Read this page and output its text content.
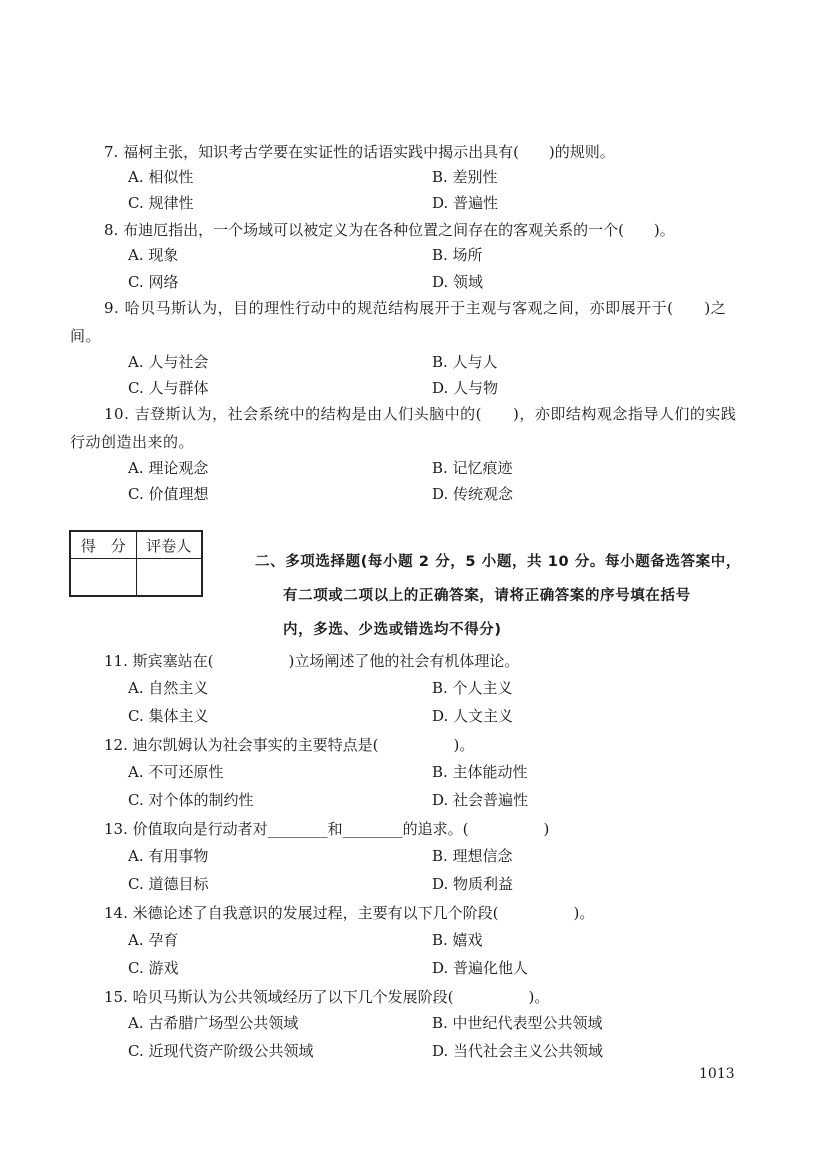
7. 福柯主张，知识考古学要在实证性的话语实践中揭示出具有(　　)的规则。
A. 相似性	B. 差别性
C. 规律性	D. 普遍性
8. 布迪厄指出，一个场域可以被定义为在各种位置之间存在的客观关系的一个(　　)。
A. 现象	B. 场所
C. 网络	D. 领域
9. 哈贝马斯认为，目的理性行动中的规范结构展开于主观与客观之间，亦即展开于(　　)之间。
A. 人与社会	B. 人与人
C. 人与群体	D. 人与物
10. 吉登斯认为，社会系统中的结构是由人们头脑中的(　　)，亦即结构观念指导人们的实践行动创造出来的。
A. 理论观念	B. 记忆痕迹
C. 价值理想	D. 传统观念
得　分	评卷人

二、多项选择题(每小题 2 分，5 小题，共 10 分。每小题备选答案中，
有二项或二项以上的正确答案，请将正确答案的序号填在括号
内，多选、少选或错选均不得分)
11. 斯宾塞站在(　　　　　)立场阐述了他的社会有机体理论。
A. 自然主义	B. 个人主义
C. 集体主义	D. 人文主义
12. 迪尔凯姆认为社会事实的主要特点是(　　　　　)。
A. 不可还原性	B. 主体能动性
C. 对个体的制约性	D. 社会普遍性
13. 价值取向是行动者对________和________的追求。(　　　　　)
A. 有用事物	B. 理想信念
C. 道德目标	D. 物质利益
14. 米德论述了自我意识的发展过程，主要有以下几个阶段(　　　　　)。
A. 孕育	B. 嬉戏
C. 游戏	D. 普遍化他人
15. 哈贝马斯认为公共领域经历了以下几个发展阶段(　　　　　)。
A. 古希腊广场型公共领域	B. 中世纪代表型公共领域
C. 近现代资产阶级公共领域	D. 当代社会主义公共领域
1013
